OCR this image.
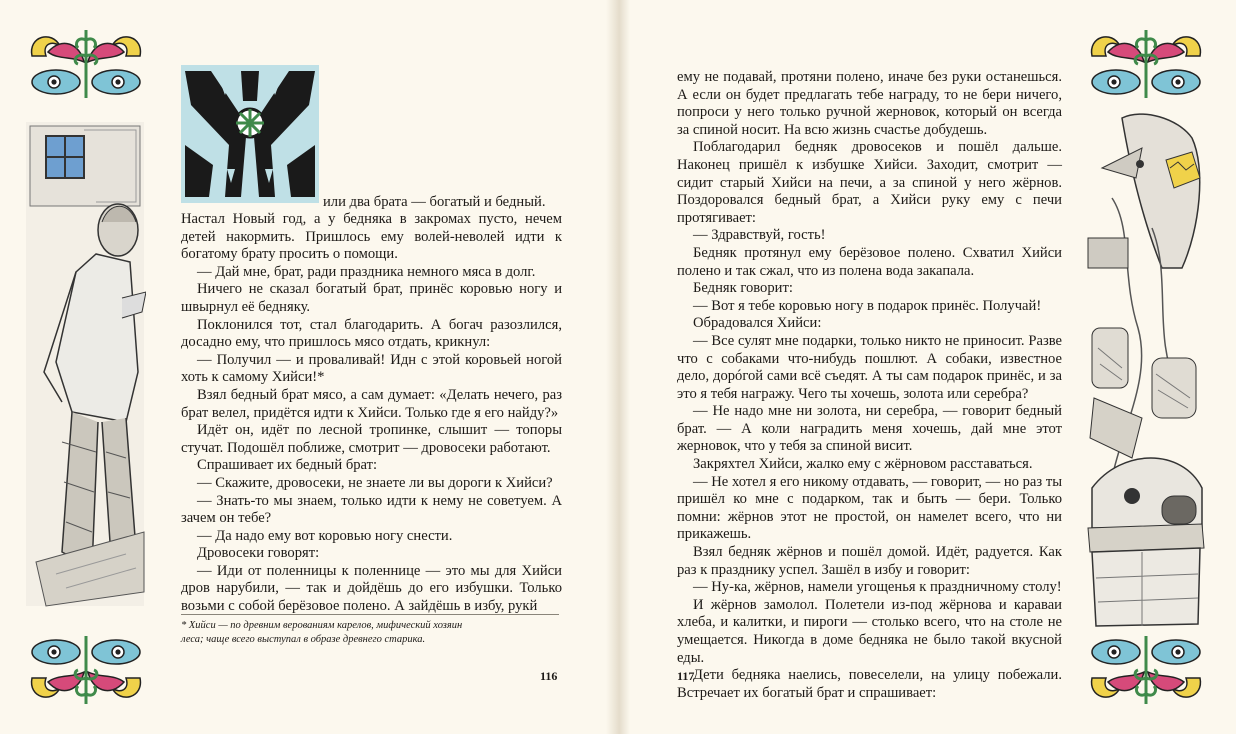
или два брата — богатый и бедный.

Настал Новый год, а у бедняка в закромах пусто, нечем детей накормить. Пришлось ему волей-неволей идти к богатому брату просить о помощи.

— Дай мне, брат, ради праздника немного мяса в долг.

Ничего не сказал богатый брат, принёс коровью ногу и швырнул её бедняку.

Поклонился тот, стал благодарить. А богач разозлился, досадно ему, что пришлось мясо отдать, крикнул:

— Получил — и проваливай! Идн с этой коровьей ногой хоть к самому Хийси!*

Взял бедный брат мясо, а сам думает: «Делать нечего, раз брат велел, придётся идти к Хийси. Только где я его найду?»

Идёт он, идёт по лесной тропинке, слышит — топоры стучат. Подошёл поближе, смотрит — дровосеки работают.

Спрашивает их бедный брат:

— Скажите, дровосеки, не знаете ли вы дороги к Хийси?

— Знать-то мы знаем, только идти к нему не советуем. А зачем он тебе?

— Да надо ему вот коровью ногу снести.

Дровосеки говорят:

— Иди от поленницы к поленнице — это мы для Хийси дров нарубили, — так и дойдёшь до его избушки. Только возьми с собой берёзовое полено. А зайдёшь в избу, рукй

* Хийси — по древним верованиям карелов, мифический хозяин леса; чаще всего выступал в образе древнего старика.
116

ему не подавай, протяни полено, иначе без руки останешься. А если он будет предлагать тебе награду, то не бери ничего, попроси у него только ручной жерновок, который он всегда за спиной носит. На всю жизнь счастье добудешь.

Поблагодарил бедняк дровосеков и пошёл дальше. Наконец пришёл к избушке Хийси. Заходит, смотрит — сидит старый Хийси на печи, а за спиной у него жёрнов. Поздоровался бедный брат, а Хийси руку ему с печи протягивает:

— Здравствуй, гость!

Бедняк протянул ему берёзовое полено. Схватил Хийси полено и так сжал, что из полена вода закапала.

Бедняк говорит:

— Вот я тебе коровью ногу в подарок принёс. Получай!

Обрадовался Хийси:

— Все сулят мне подарки, только никто не приносит. Разве что с собаками что-нибудь пошлют. А собаки, известное дело, дорóгой сами всё съедят. А ты сам подарок принёс, и за это я тебя награжу. Чего ты хочешь, золота или серебра?

— Не надо мне ни золота, ни серебра, — говорит бедный брат. — А коли наградить меня хочешь, дай мне этот жерновок, что у тебя за спиной висит.

Закряхтел Хийси, жалко ему с жёрновом расставаться.

— Не хотел я его никому отдавать, — говорит, — но раз ты пришёл ко мне с подарком, так и быть — бери. Только помни: жёрнов этот не простой, он намелет всего, что ни прикажешь.

Взял бедняк жёрнов и пошёл домой. Идёт, радуется. Как раз к празднику успел. Зашёл в избу и говорит:

— Ну-ка, жёрнов, намели угощенья к праздничному столу!

И жёрнов замолол. Полетели из-под жёрнова и караваи хлеба, и калитки, и пироги — столько всего, что на столе не умещается. Никогда в доме бедняка не было такой вкусной еды.

Дети бедняка наелись, повеселели, на улицу побежали. Встречает их богатый брат и спрашивает:

117
